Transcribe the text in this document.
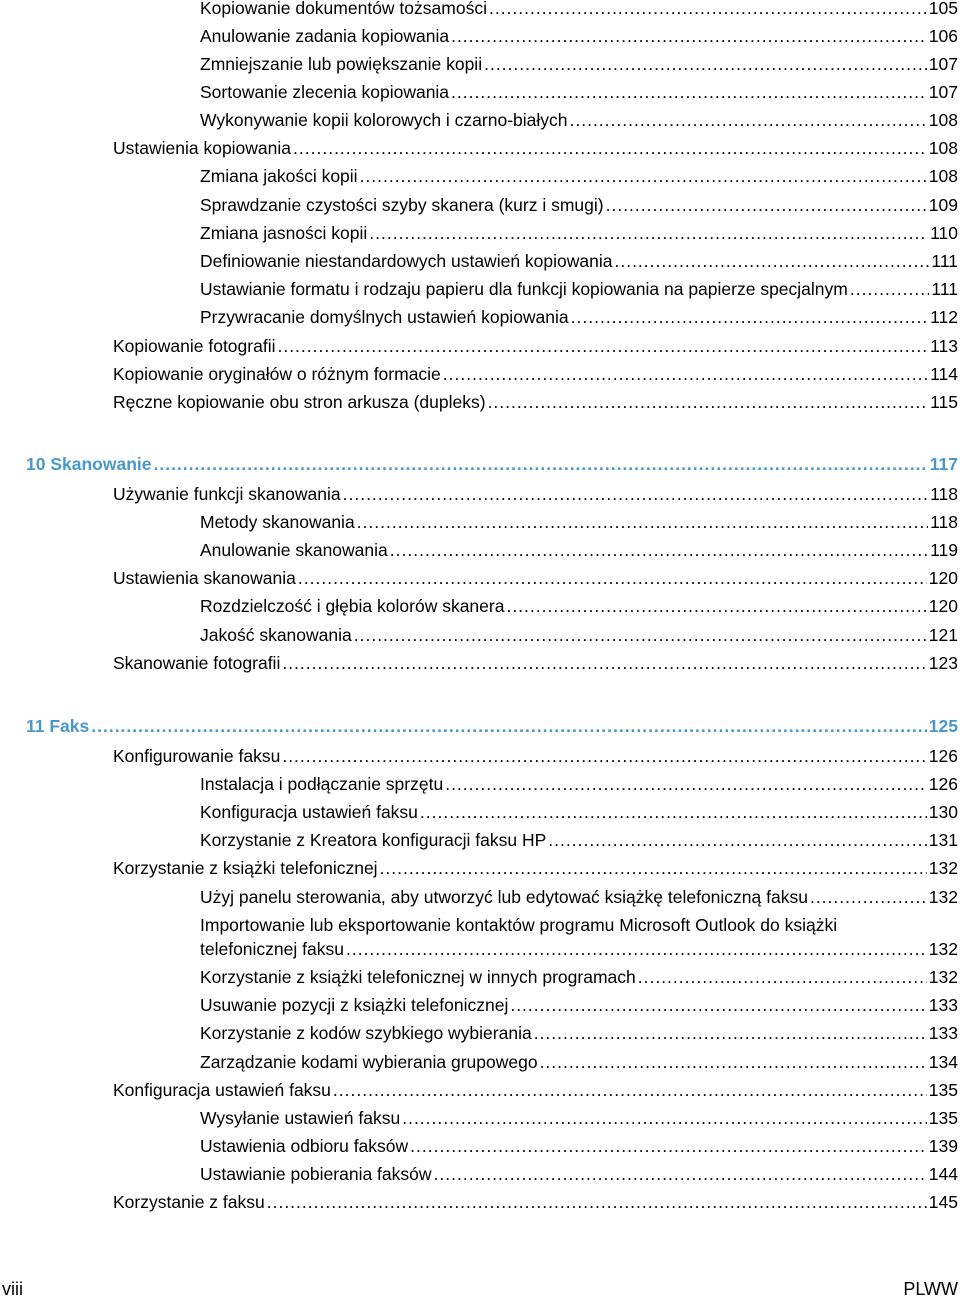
Kopiowanie dokumentów tożsamości .....	105
Anulowanie zadania kopiowania .....	106
Zmniejszanie lub powiększanie kopii .....	107
Sortowanie zlecenia kopiowania .....	107
Wykonywanie kopii kolorowych i czarno-białych .....	108
Ustawienia kopiowania .....	108
Zmiana jakości kopii .....	108
Sprawdzanie czystości szyby skanera (kurz i smugi) .....	109
Zmiana jasności kopii .....	110
Definiowanie niestandardowych ustawień kopiowania .....	111
Ustawianie formatu i rodzaju papieru dla funkcji kopiowania na papierze specjalnym .....	111
Przywracanie domyślnych ustawień kopiowania .....	112
Kopiowanie fotografii .....	113
Kopiowanie oryginałów o różnym formacie .....	114
Ręczne kopiowanie obu stron arkusza (dupleks) .....	115
10 Skanowanie .....	117
Używanie funkcji skanowania .....	118
Metody skanowania .....	118
Anulowanie skanowania .....	119
Ustawienia skanowania .....	120
Rozdzielczość i głębia kolorów skanera .....	120
Jakość skanowania .....	121
Skanowanie fotografii .....	123
11 Faks .....	125
Konfigurowanie faksu .....	126
Instalacja i podłączanie sprzętu .....	126
Konfiguracja ustawień faksu .....	130
Korzystanie z Kreatora konfiguracji faksu HP .....	131
Korzystanie z książki telefonicznej .....	132
Użyj panelu sterowania, aby utworzyć lub edytować książkę telefoniczną faksu .....	132
Importowanie lub eksportowanie kontaktów programu Microsoft Outlook do książki
telefonicznej faksu .....	132
Korzystanie z książki telefonicznej w innych programach .....	132
Usuwanie pozycji z książki telefonicznej .....	133
Korzystanie z kodów szybkiego wybierania .....	133
Zarządzanie kodami wybierania grupowego .....	134
Konfiguracja ustawień faksu .....	135
Wysyłanie ustawień faksu .....	135
Ustawienia odbioru faksów .....	139
Ustawianie pobierania faksów .....	144
Korzystanie z faksu .....	145
viii	PLWW
